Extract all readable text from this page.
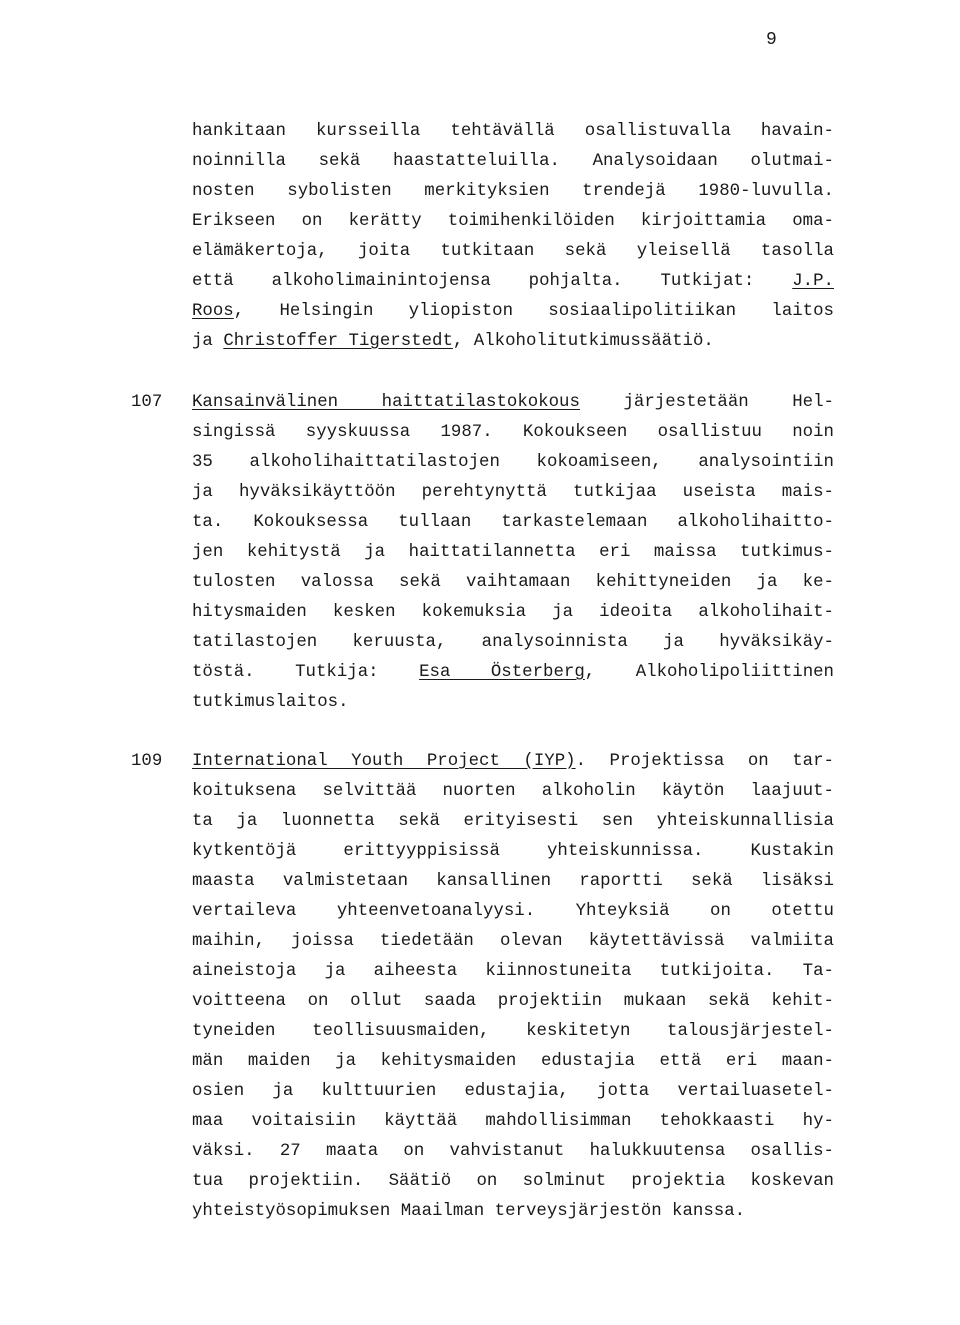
9
hankitaan kursseilla tehtävällä osallistuvalla havain-
noinnilla sekä haastatteluilla. Analysoidaan olutmai-
nosten sybolisten merkityksien trendejä 1980-luvulla.
Erikseen on kerätty toimihenkilöiden kirjoittamia oma-
elämäkertoja, joita tutkitaan sekä yleisellä tasolla
että alkoholimainintojensa pohjalta. Tutkijat: J.P.
Roos, Helsingin yliopiston sosiaalipolitiikan laitos
ja Christoffer Tigerstedt, Alkoholitutkimussäätiö.
107 Kansainvälinen haittatilastokokous järjestetään Hel-
singissä syyskuussa 1987. Kokoukseen osallistuu noin
35 alkoholihaittatilastojen kokoamiseen, analysointiin
ja hyväksikäyttöön perehtynyttä tutkijaa useista mais-
ta. Kokouksessa tullaan tarkastelemaan alkoholihaitto-
jen kehitystä ja haittatilannetta eri maissa tutkimus-
tulosten valossa sekä vaihtamaan kehittyneiden ja ke-
hitysmaiden kesken kokemuksia ja ideoita alkoholihait-
tatilastojen keruusta, analysoinnista ja hyväksikäy-
töstä. Tutkija: Esa Österberg, Alkoholipoliittinen
tutkimuslaitos.
109 International Youth Project (IYP). Projektissa on tar-
koituksena selvittää nuorten alkoholin käytön laajuut-
ta ja luonnetta sekä erityisesti sen yhteiskunnallisia
kytkentöjä erittyyppisissä yhteiskunnissa. Kustakin
maasta valmistetaan kansallinen raportti sekä lisäksi
vertaileva yhteenvetoanalyysi. Yhteyksiä on otettu
maihin, joissa tiedetään olevan käytettävissä valmiita
aineistoja ja aiheesta kiinnostuneita tutkijoita. Ta-
voitteena on ollut saada projektiin mukaan sekä kehit-
tyneiden teollisuusmaiden, keskitetyn talousjärjestel-
män maiden ja kehitysmaiden edustajia että eri maan-
osien ja kulttuurien edustajia, jotta vertailuasetel-
maa voitaisiin käyttää mahdollisimman tehokkaasti hy-
väksi. 27 maata on vahvistanut halukkuutensa osallis-
tua projektiin. Säätiö on solminut projektia koskevan
yhteistyösopimuksen Maailman terveysjärjestön kanssa.
